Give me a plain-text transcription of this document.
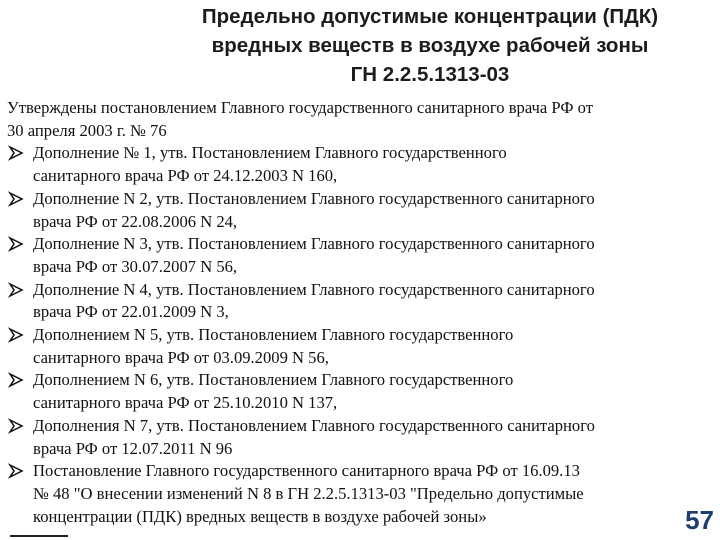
Предельно допустимые концентрации (ПДК)
вредных веществ в воздухе рабочей зоны
ГН 2.2.5.1313-03
Утверждены постановлением Главного государственного санитарного врача РФ от
30 апреля 2003 г. № 76
Дополнение № 1, утв. Постановлением Главного государственного
санитарного врача РФ от 24.12.2003 N 160,
Дополнение N 2, утв. Постановлением Главного государственного санитарного
врача РФ от 22.08.2006 N 24,
Дополнение N 3, утв. Постановлением Главного государственного санитарного
врача РФ от 30.07.2007 N 56,
Дополнение N 4, утв. Постановлением Главного государственного санитарного
врача РФ от 22.01.2009 N 3,
Дополнением N 5, утв. Постановлением Главного государственного
санитарного врача РФ от 03.09.2009 N 56,
Дополнением N 6, утв. Постановлением Главного государственного
санитарного врача РФ от 25.10.2010 N 137,
Дополнения N 7, утв. Постановлением Главного государственного санитарного
врача РФ от 12.07.2011 N 96
Постановление Главного государственного санитарного врача РФ от 16.09.13
№ 48 "О внесении изменений N 8 в ГН 2.2.5.1313-03 "Предельно допустимые
концентрации (ПДК) вредных веществ в воздухе рабочей зоны»	57
